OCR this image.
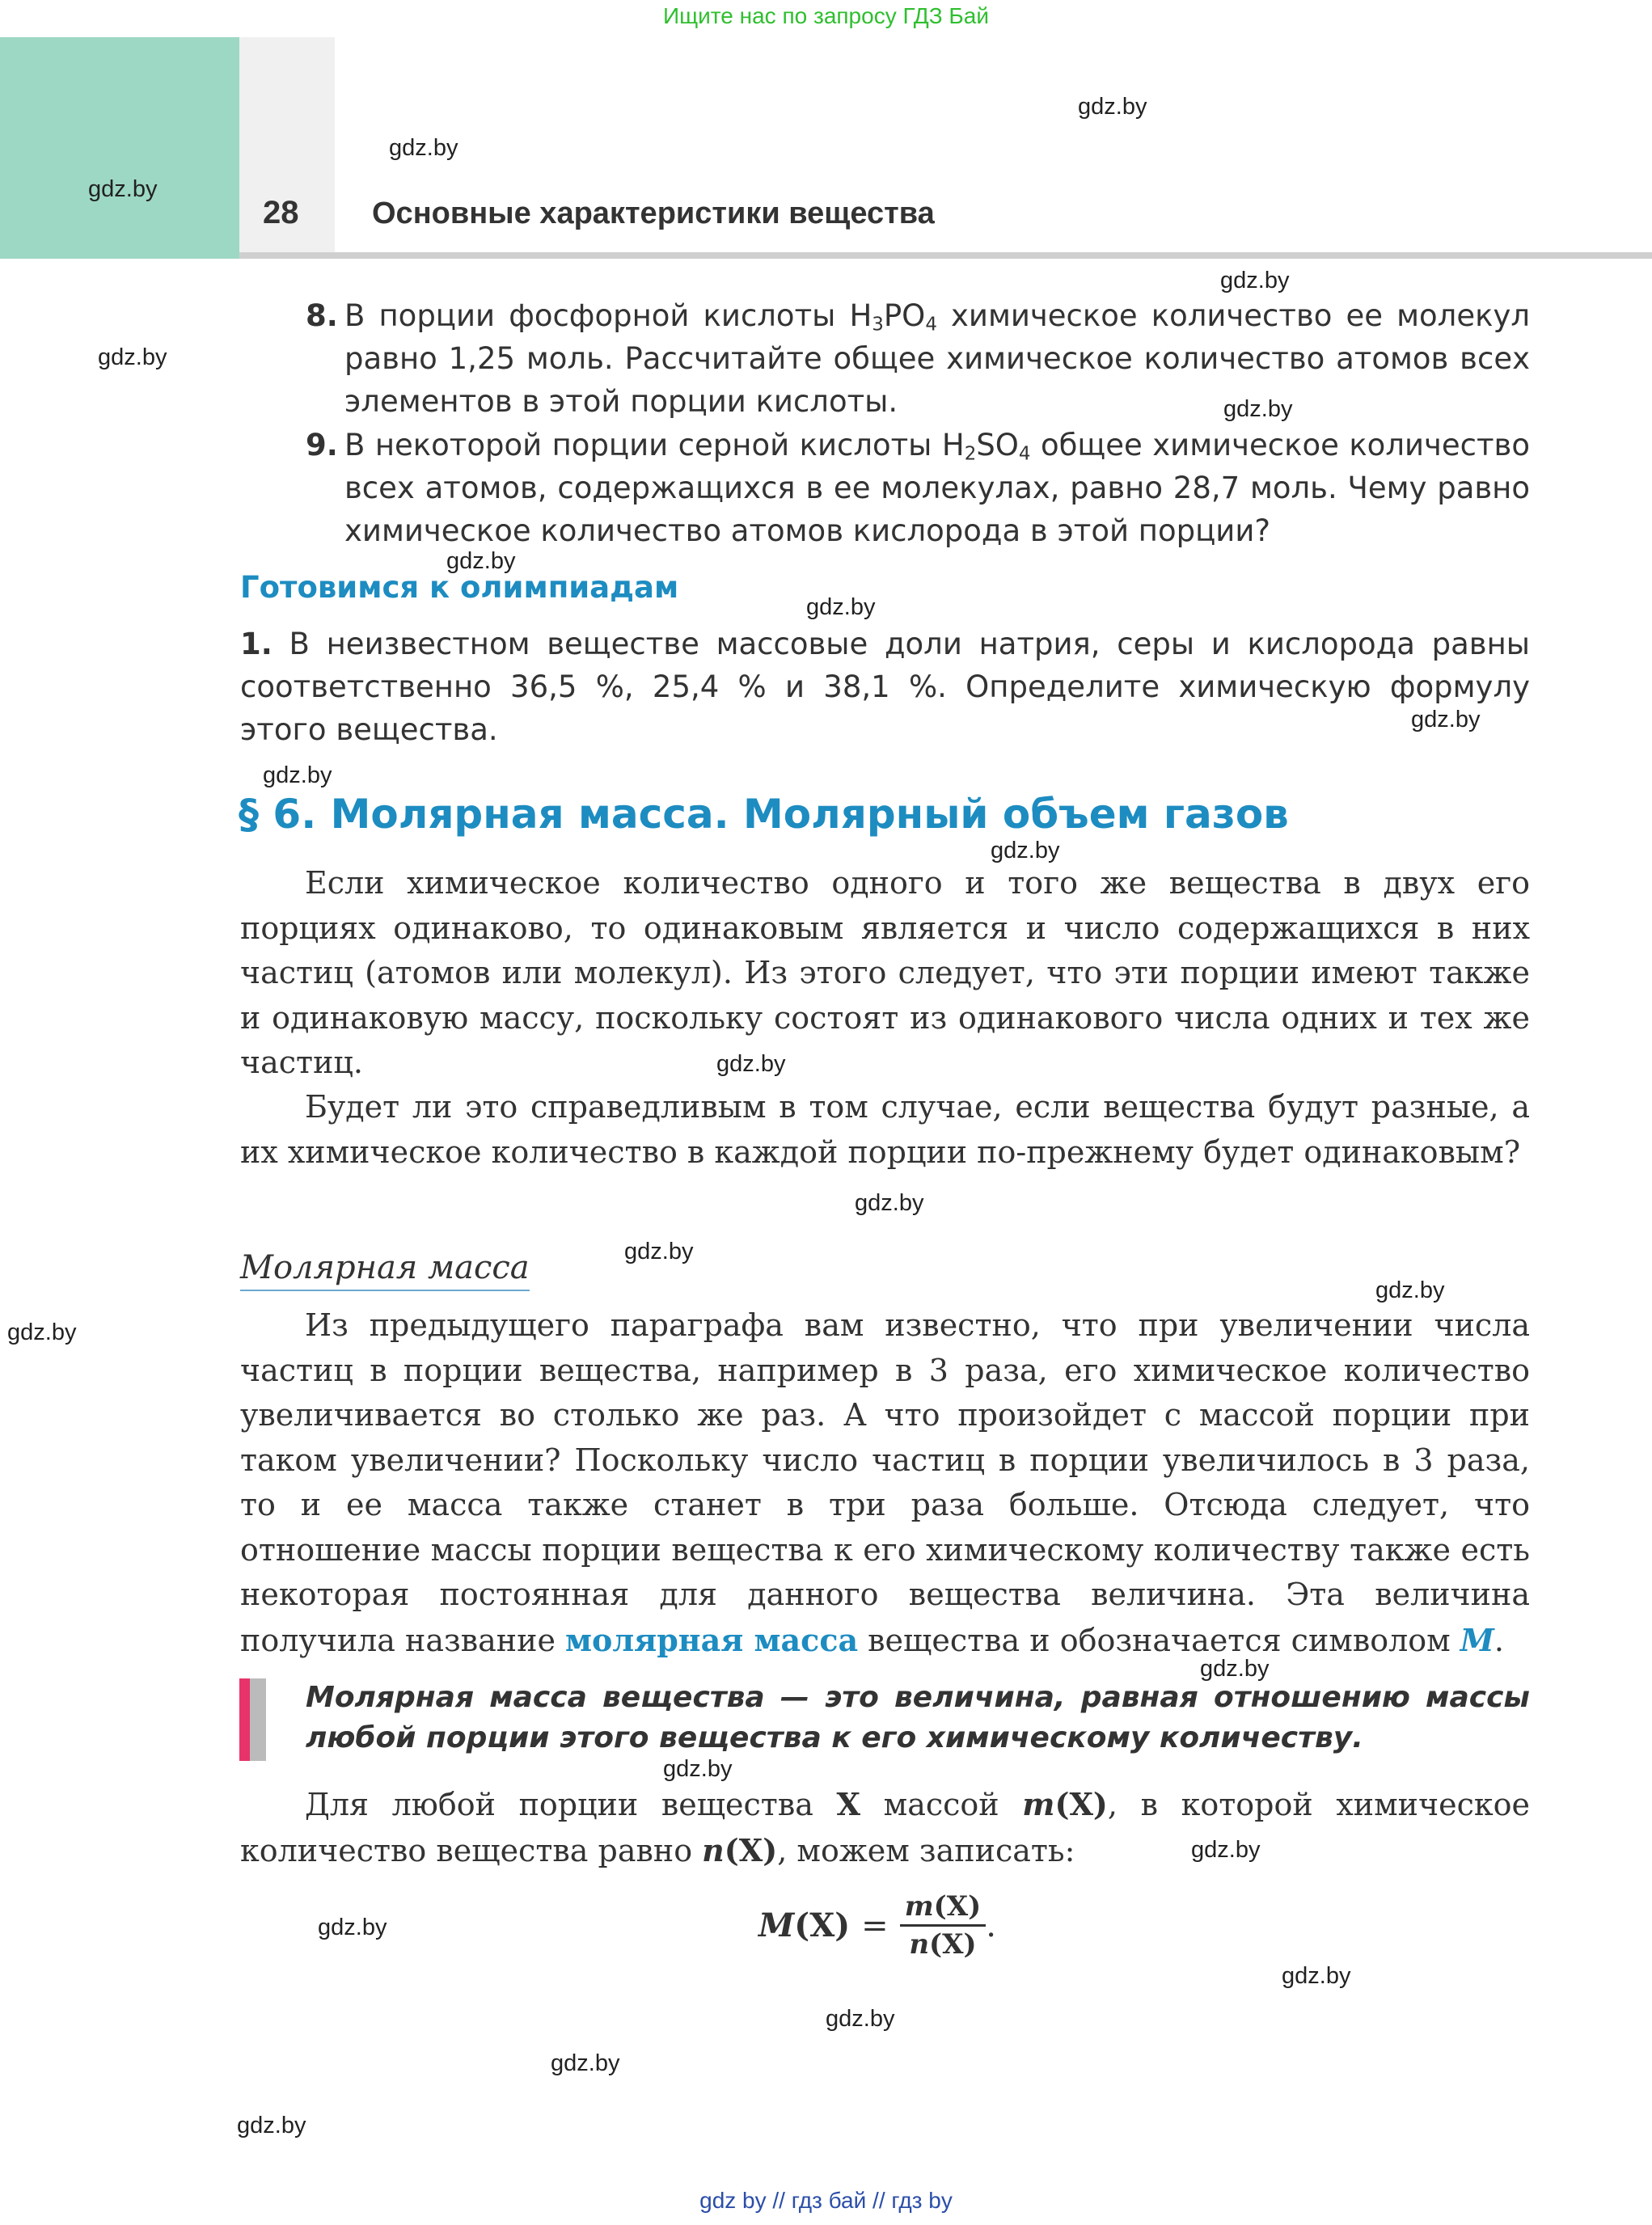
Ищите нас по запросу ГДЗ Бай
28 Основные характеристики вещества
gdz.by
gdz.by
gdz.by
gdz.by
gdz.by
gdz.by
gdz.by
gdz.by
gdz.by
gdz.by
gdz.by
gdz.by
gdz.by
gdz.by
gdz.by
gdz.by
gdz.by
gdz.by
gdz.by
gdz.by
gdz.by
gdz.by
gdz.by
gdz.by
8. В порции фосфорной кислоты $H_3PO_4$ химическое количество ее молекул равно 1,25 моль. Рассчитайте общее химическое количество атомов всех элементов в этой порции кислоты.
9. В некоторой порции серной кислоты $H_2SO_4$ общее химическое количество всех атомов, содержащихся в ее молекулах, равно 28,7 моль. Чему равно химическое количество атомов кислорода в этой порции?
Готовимся к олимпиадам
1. В неизвестном веществе массовые доли натрия, серы и кислорода равны соответственно 36,5 %, 25,4 % и 38,1 %. Определите химическую формулу этого вещества.
§ 6. Молярная масса. Молярный объем газов
Если химическое количество одного и того же вещества в двух его порциях одинаково, то одинаковым является и число содержащихся в них частиц (атомов или молекул). Из этого следует, что эти порции имеют также и одинаковую массу, поскольку состоят из одинакового числа одних и тех же частиц.
Будет ли это справедливым в том случае, если вещества будут разные, а их химическое количество в каждой порции по-прежнему будет одинаковым?
Молярная масса
Из предыдущего параграфа вам известно, что при увеличении числа частиц в порции вещества, например в 3 раза, его химическое количество увеличивается во столько же раз. А что произойдет с массой порции при таком увеличении? Поскольку число частиц в порции увеличилось в 3 раза, то и ее масса также станет в три раза больше. Отсюда следует, что отношение массы порции вещества к его химическому количеству также есть некоторая постоянная для данного вещества величина. Эта величина получила название молярная масса вещества и обозначается символом M.
Молярная масса вещества — это величина, равная отношению массы любой порции этого вещества к его химическому количеству.
Для любой порции вещества X массой m(X), в которой химическое количество вещества равно n(X), можем записать:
M $(X) = \frac{m(X)}{n(X)}$ .
gdz by // гдз бай // гдз by
